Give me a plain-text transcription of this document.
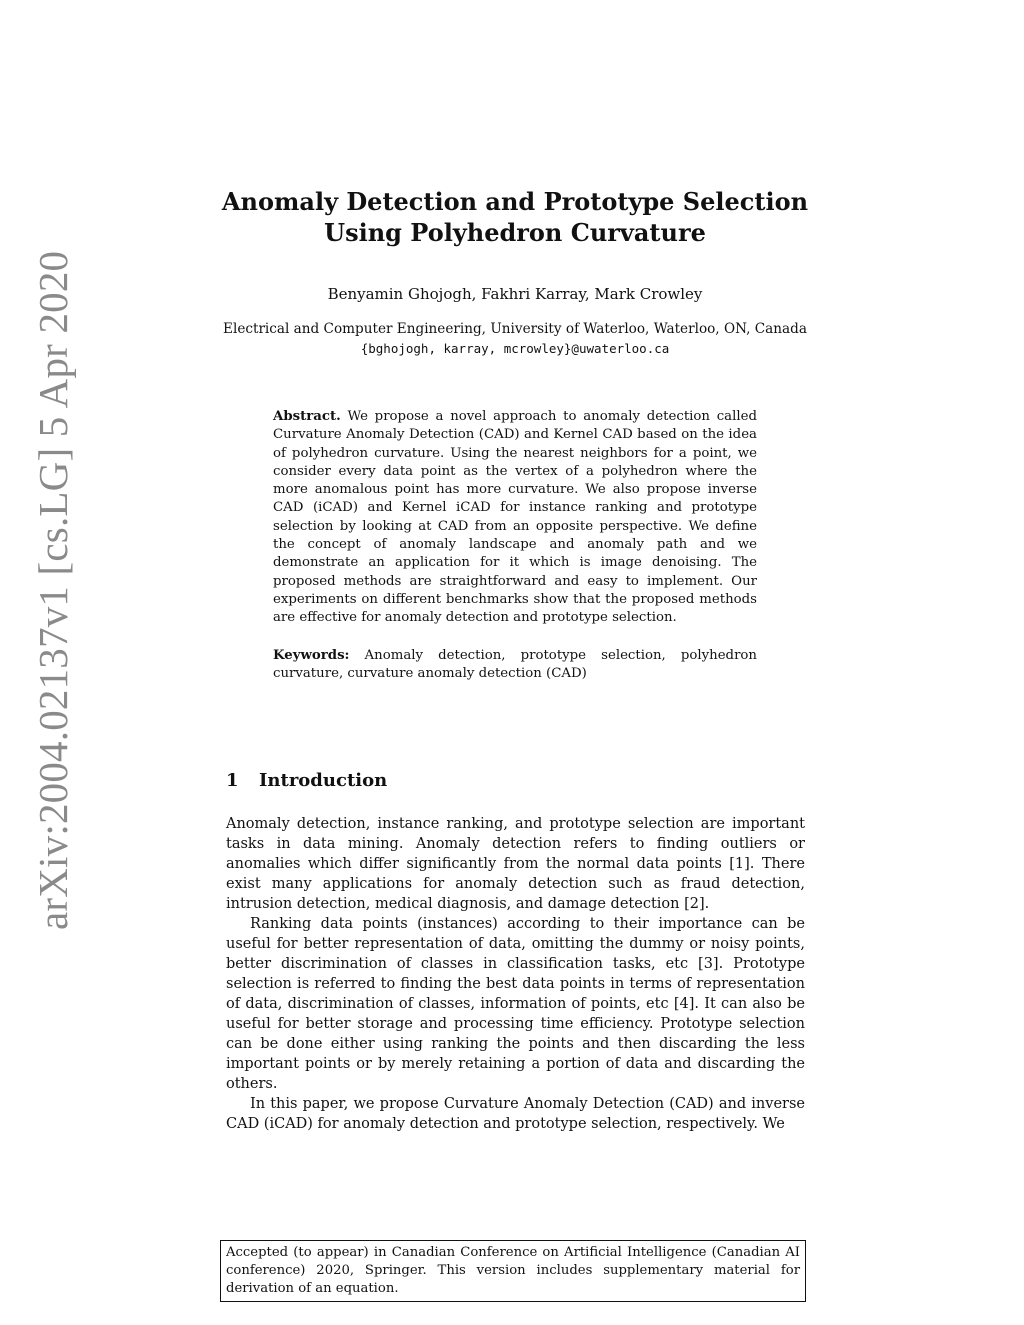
arXiv:2004.02137v1 [cs.LG] 5 Apr 2020
Anomaly Detection and Prototype Selection
Using Polyhedron Curvature
Benyamin Ghojogh, Fakhri Karray, Mark Crowley
Electrical and Computer Engineering, University of Waterloo, Waterloo, ON, Canada
{bghojogh, karray, mcrowley}@uwaterloo.ca
Abstract. We propose a novel approach to anomaly detection called Curvature Anomaly Detection (CAD) and Kernel CAD based on the idea of polyhedron curvature. Using the nearest neighbors for a point, we consider every data point as the vertex of a polyhedron where the more anomalous point has more curvature. We also propose inverse CAD (iCAD) and Kernel iCAD for instance ranking and prototype selection by looking at CAD from an opposite perspective. We define the concept of anomaly landscape and anomaly path and we demonstrate an application for it which is image denoising. The proposed methods are straightforward and easy to implement. Our experiments on different benchmarks show that the proposed methods are effective for anomaly detection and prototype selection.
Keywords: Anomaly detection, prototype selection, polyhedron curvature, curvature anomaly detection (CAD)
1 Introduction

Anomaly detection, instance ranking, and prototype selection are important tasks in data mining. Anomaly detection refers to finding outliers or anomalies which differ significantly from the normal data points [1]. There exist many applications for anomaly detection such as fraud detection, intrusion detection, medical diagnosis, and damage detection [2].

Ranking data points (instances) according to their importance can be useful for better representation of data, omitting the dummy or noisy points, better discrimination of classes in classification tasks, etc [3]. Prototype selection is referred to finding the best data points in terms of representation of data, discrimination of classes, information of points, etc [4]. It can also be useful for better storage and processing time efficiency. Prototype selection can be done either using ranking the points and then discarding the less important points or by merely retaining a portion of data and discarding the others.

In this paper, we propose Curvature Anomaly Detection (CAD) and inverse CAD (iCAD) for anomaly detection and prototype selection, respectively. We

Accepted (to appear) in Canadian Conference on Artificial Intelligence (Canadian AI conference) 2020, Springer. This version includes supplementary material for derivation of an equation.
